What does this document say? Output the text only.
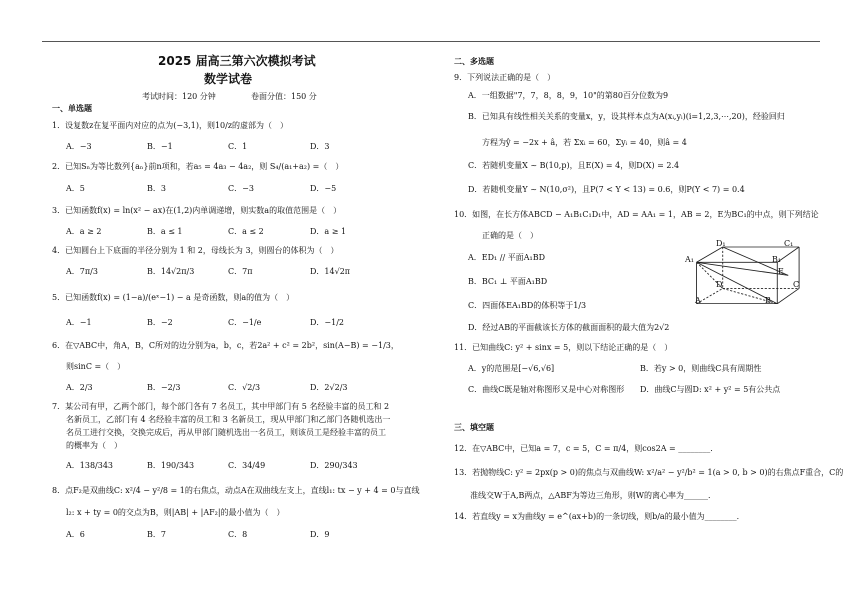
2025 届高三第六次模拟考试
数学试卷
考试时间：120 分钟	卷面分值：150 分
一、单选题
1．设复数z在复平面内对应的点为(−3,1)，则10/z的虚部为（　）
A．−3	B．−1	C．1	D．3
2．已知Sₙ为等比数列{aₙ}前n项和，若a₅ = 4a₃ − 4a₂，则 S₄/(a₁+a₂) =（　）
A．5	B．3	C．−3	D．−5
3．已知函数f(x) = ln(x² − ax)在(1,2)内单调递增，则实数a的取值范围是（　）
A．a ≥ 2	B．a ≤ 1	C．a ≤ 2	D．a ≥ 1
4．已知圆台上下底面的半径分别为 1 和 2，母线长为 3，则圆台的体积为（　）
A．7π/3	B．14√2π/3	C．7π	D．14√2π
5．已知函数f(x) = (1−a)/(eˣ−1) − a 是奇函数，则a的值为（　）
A．−1	B．−2	C．−1/e	D．−1/2
6．在▽ABC中，角A，B，C所对的边分别为a，b，c，若2a² + c² = 2b²，sin(A−B) = −1/3，
则sinC =（　）
A．2/3	B．−2/3	C．√2/3	D．2√2/3
7．某公司有甲，乙两个部门，每个部门各有 7 名员工，其中甲部门有 5 名经验丰富的员工和 2
名新员工，乙部门有 4 名经验丰富的员工和 3 名新员工，现从甲部门和乙部门各随机选出一
名员工进行交换，交换完成后，再从甲部门随机选出一名员工，则该员工是经验丰富的员工
的概率为（　）
A．138/343	B．190/343	C．34/49	D．290/343
8．点F₂是双曲线C: x²/4 − y²/8 = 1的右焦点，动点A在双曲线左支上，直线l₁: tx − y + 4 = 0与直线
l₂: x + ty = 0的交点为B，则|AB| + |AF₂|的最小值为（　）
A．6	B．7	C．8	D．9
二、多选题
9．下列说法正确的是（　）
A．一组数据"7，7，8，8，9，10"的第80百分位数为9
B．已知具有线性相关关系的变量x，y，设其样本点为A(xᵢ,yᵢ)(i=1,2,3,⋯,20)，经验回归
方程为ŷ = −2x + â，若 Σxᵢ = 60，Σyᵢ = 40，则â = 4
C．若随机变量X ~ B(10,p)，且E(X) = 4，则D(X) = 2.4
D．若随机变量Y ~ N(10,σ²)，且P(7 < Y < 13) = 0.6，则P(Y < 7) = 0.4
10．如图，在长方体ABCD − A₁B₁C₁D₁中，AD = AA₁ = 1，AB = 2，E为BC₁的中点，则下列结论
正确的是（　）
A．ED₁ // 平面A₁BD
B．BC₁ ⊥ 平面A₁BD
C．四面体EA₁BD的体积等于1/3
D．经过AB的平面截该长方体的截面面积的最大值为2√2
D₁	C₁
A₁	B₁
E
D	C
A	B
11．已知曲线C: y² + sinx = 5，则以下结论正确的是（　）
A．y的范围是[−√6,√6]	B．若y > 0，则曲线C具有周期性
C．曲线C既是轴对称图形又是中心对称图形 D．曲线C与圆D: x² + y² = 5有公共点
三、填空题
12．在▽ABC中，已知a = 7，c = 5，C = π/4，则cos2A = ________．
13．若抛物线C: y² = 2px(p > 0)的焦点与双曲线W: x²/a² − y²/b² = 1(a > 0, b > 0)的右焦点F重合，C的
准线交W于A,B两点，△ABF为等边三角形，则W的离心率为______．
14．若直线y = x为曲线y = e^(ax+b)的一条切线，则b/a的最小值为________．
